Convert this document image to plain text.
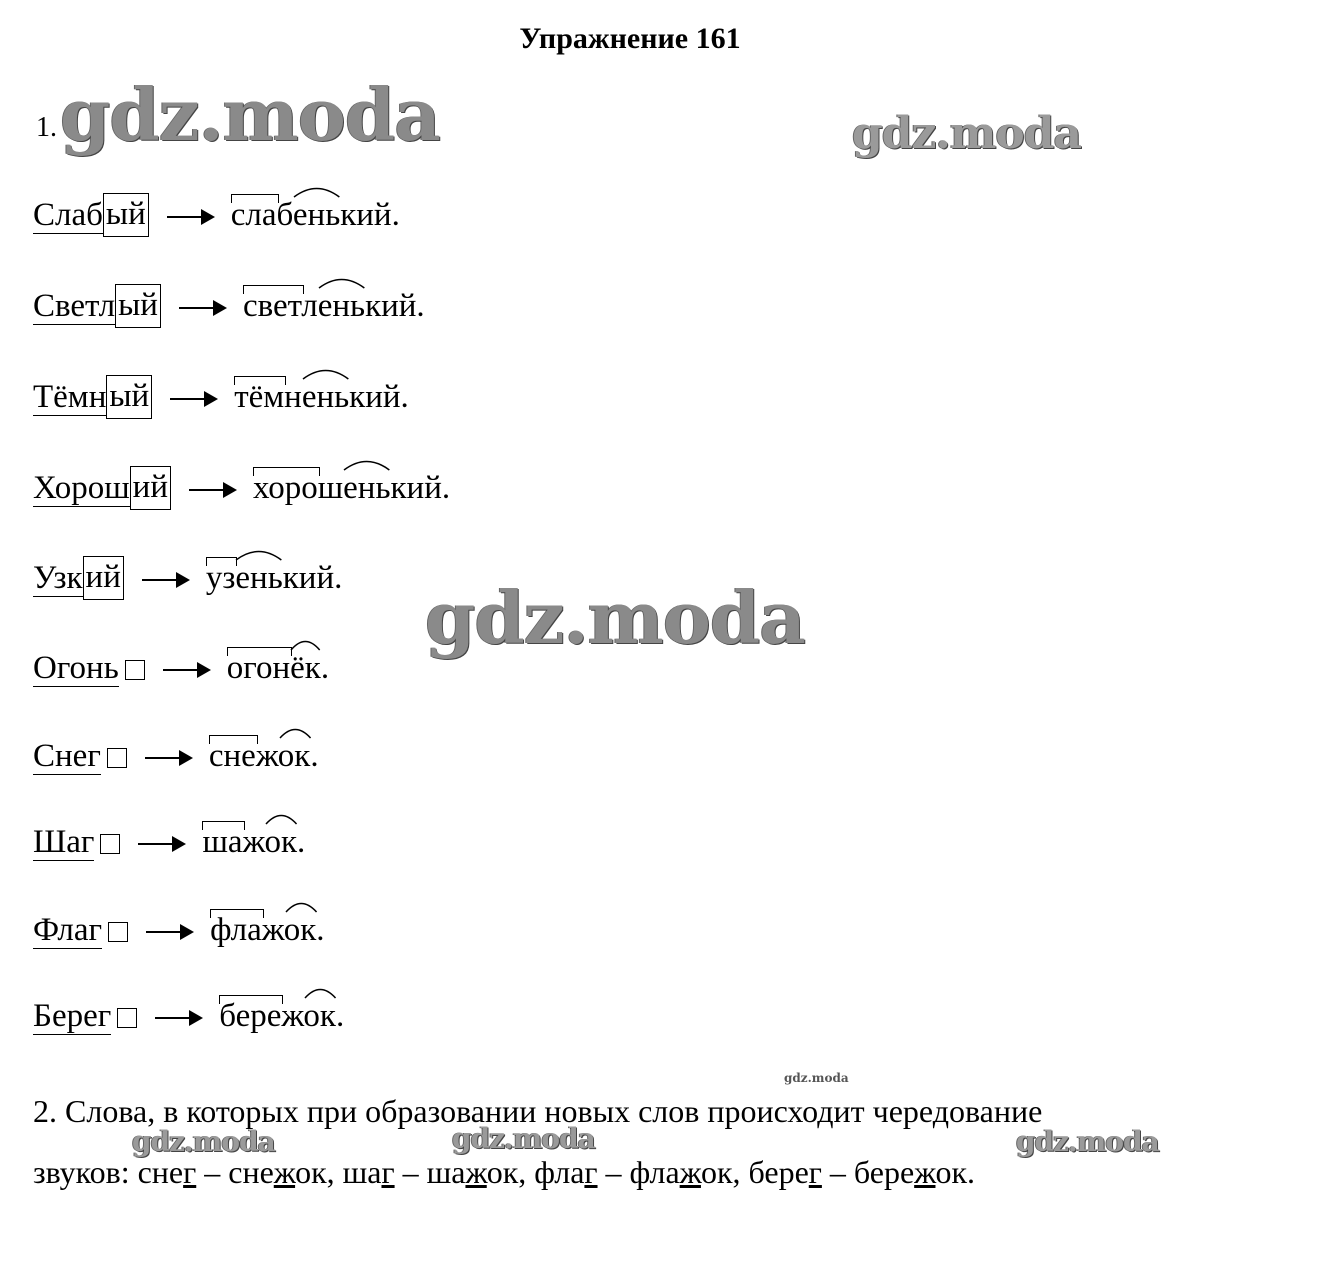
Упражнение 161
1. gdz.moda	gdz.moda
gdz.moda
gdz.moda
gdz.moda	gdz.moda	gdz.moda
Слабый	слабенький.
Светлый	светленький.
Тёмный	тёмненький.
Хороший	хорошенький.
Узкий	узенький.
Огонь	огонёк.
Снег	снежок.
Шаг	шажок.
Флаг	флажок.
Берег	бережок.
2. Слова, в которых при образовании новых слов происходит чередование
звуков: снег – снежок, шаг – шажок, флаг – флажок, берег – бережок.
